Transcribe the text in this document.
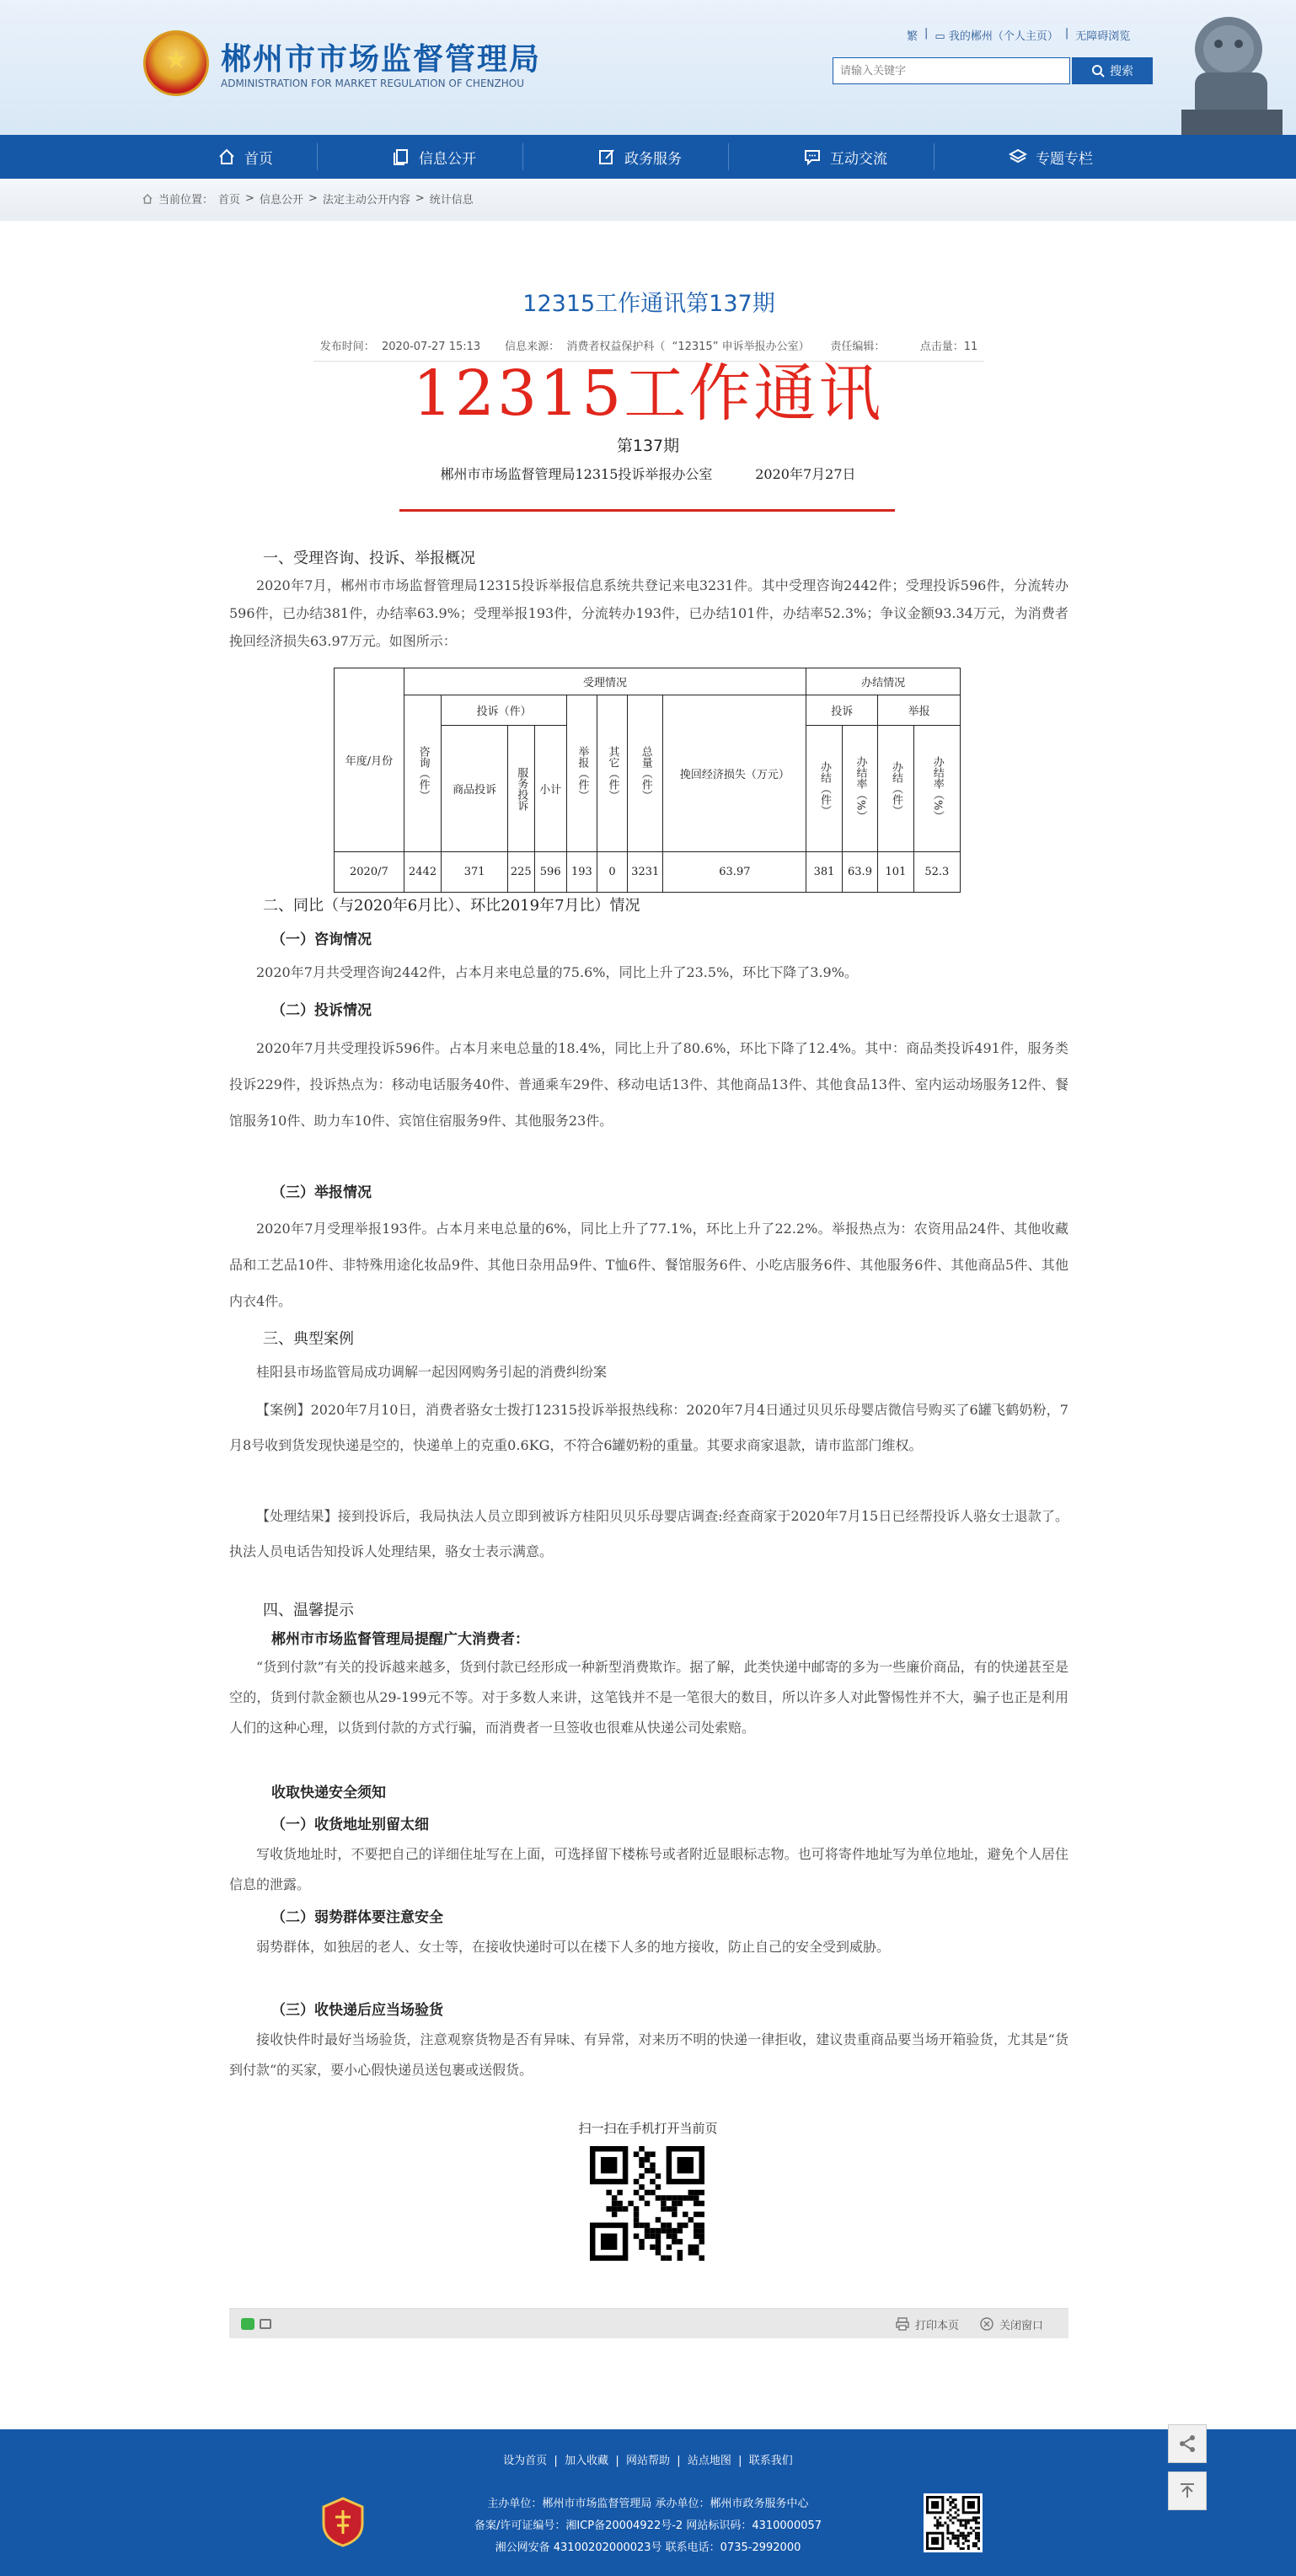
郴州市市场监督管理局
ADMINISTRATION FOR MARKET REGULATION OF CHENZHOU
繁 | ▭ 我的郴州（个人主页） | 无障碍浏览
请输入关键字
搜索
首页	信息公开	政务服务	互动交流	专题专栏
当前位置： 首页 > 信息公开 > 法定主动公开内容 > 统计信息
12315工作通讯第137期
发布时间：  2020-07-27 15:13       信息来源：  消费者权益保护科（  “12315” 申诉举报办公室）      责任编辑：          点击量：11
12315工作通讯
第137期
郴州市市场监督管理局12315投诉举报办公室          2020年7月27日
一、受理咨询、投诉、举报概况
2020年7月，郴州市市场监督管理局12315投诉举报信息系统共登记来电3231件。其中受理咨询2442件；受理投诉596件，分流转办596件，已办结381件，办结率63.9%；受理举报193件，分流转办193件，已办结101件，办结率52.3%；争议金额93.34万元，为消费者挽回经济损失63.97万元。如图所示：
年度/月份	受理情况								办结情况			

	咨询（件）	投诉（件）			举报（件）	其它（件）	总量（件）	挽回经济损失（万元）	投诉		举报	
		商品投诉	服务投诉	小计					办结（件）	办结率（%）	办结（件）	办结率（%）

2020/7	2442	371	225	596	193	0	3231	63.97	381	63.9	101	52.3
二、同比（与2020年6月比）、环比2019年7月比）情况
（一）咨询情况
2020年7月共受理咨询2442件，占本月来电总量的75.6%，同比上升了23.5%，环比下降了3.9%。
（二）投诉情况
2020年7月共受理投诉596件。占本月来电总量的18.4%，同比上升了80.6%，环比下降了12.4%。其中：商品类投诉491件，服务类投诉229件，投诉热点为：移动电话服务40件、普通乘车29件、移动电话13件、其他商品13件、其他食品13件、室内运动场服务12件、餐馆服务10件、助力车10件、宾馆住宿服务9件、其他服务23件。
（三）举报情况
2020年7月受理举报193件。占本月来电总量的6%，同比上升了77.1%，环比上升了22.2%。举报热点为：农资用品24件、其他收藏品和工艺品10件、非特殊用途化妆品9件、其他日杂用品9件、T恤6件、餐馆服务6件、小吃店服务6件、其他服务6件、其他商品5件、其他内衣4件。
三、典型案例
桂阳县市场监管局成功调解一起因网购务引起的消费纠纷案
【案例】2020年7月10日，消费者骆女士拨打12315投诉举报热线称：2020年7月4日通过贝贝乐母婴店微信号购买了6罐飞鹤奶粉，7月8号收到货发现快递是空的，快递单上的克重0.6KG，不符合6罐奶粉的重量。其要求商家退款，请市监部门维权。
【处理结果】接到投诉后，我局执法人员立即到被诉方桂阳贝贝乐母婴店调查:经查商家于2020年7月15日已经帮投诉人骆女士退款了。执法人员电话告知投诉人处理结果，骆女士表示满意。
四、温馨提示
郴州市市场监督管理局提醒广大消费者：
“货到付款”有关的投诉越来越多，货到付款已经形成一种新型消费欺诈。据了解，此类快递中邮寄的多为一些廉价商品，有的快递甚至是空的，货到付款金额也从29-199元不等。对于多数人来讲，这笔钱并不是一笔很大的数目，所以许多人对此警惕性并不大，骗子也正是利用人们的这种心理，以货到付款的方式行骗，而消费者一旦签收也很难从快递公司处索赔。
收取快递安全须知
（一）收货地址别留太细
写收货地址时，不要把自己的详细住址写在上面，可选择留下楼栋号或者附近显眼标志物。也可将寄件地址写为单位地址，避免个人居住信息的泄露。
（二）弱势群体要注意安全
弱势群体，如独居的老人、女士等，在接收快递时可以在楼下人多的地方接收，防止自己的安全受到威胁。
（三）收快递后应当场验货
接收快件时最好当场验货，注意观察货物是否有异味、有异常，对来历不明的快递一律拒收，建议贵重商品要当场开箱验货，尤其是“货到付款“的买家，要小心假快递员送包裹或送假货。
扫一扫在手机打开当前页
打印本页	关闭窗口
设为首页  |  加入收藏  |  网站帮助  |  站点地图  |  联系我们
主办单位：郴州市市场监督管理局 承办单位：郴州市政务服务中心
备案/许可证编号：湘ICP备20004922号-2 网站标识码：4310000057
湘公网安备 43100202000023号 联系电话：0735-2992000
